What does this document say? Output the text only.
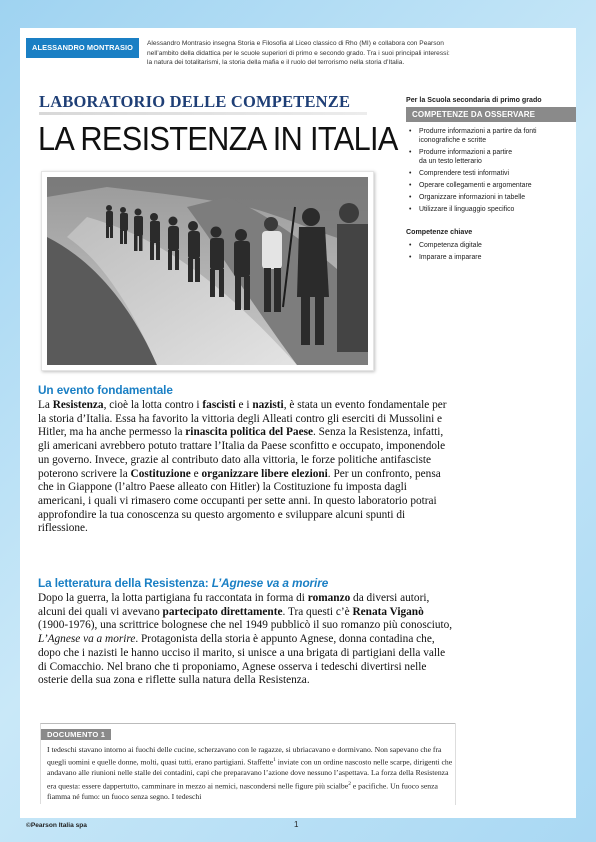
ALESSANDRO MONTRASIO	Alessandro Montrasio insegna Storia e Filosofia al Liceo classico di Rho (MI) e collabora con Pearson
nell’ambito della didattica per le scuole superiori di primo e secondo grado. Tra i suoi principali interessi:
la natura dei totalitarismi, la storia della mafia e il ruolo del terrorismo nella storia d’Italia.
LABORATORIO DELLE COMPETENZE
LA RESISTENZA IN ITALIA
Per la Scuola secondaria di primo grado
COMPETENZE DA OSSERVARE
• Produrre informazioni a partire da fonti
iconografiche e scritte
• Produrre informazioni a partire
da un testo letterario
• Comprendere testi informativi
• Operare collegamenti e argomentare
• Organizzare informazioni in tabelle
• Utilizzare il linguaggio specifico
Competenze chiave
• Competenza digitale
• Imparare a imparare
Un evento fondamentale

La Resistenza, cioè la lotta contro i fascisti e i nazisti, è stata un evento fondamentale per la storia d’Italia. Essa ha favorito la vittoria degli Alleati contro gli eserciti di Mussolini e Hitler, ma ha anche permesso la rinascita politica del Paese. Senza la Resistenza, infatti, gli americani avrebbero potuto trattare l’Italia da Paese sconfitto e occupato, imponendole un governo. Invece, grazie al contributo dato alla vittoria, le forze politiche antifasciste poterono scrivere la Costituzione e organizzare libere elezioni. Per un confronto, pensa che in Giappone (l’altro Paese alleato con Hitler) la Costituzione fu imposta dagli americani, i quali vi rimasero come occupanti per sette anni. In questo laboratorio potrai approfondire la tua conoscenza su questo argomento e sviluppare alcuni spunti di riflessione.

La letteratura della Resistenza: L’Agnese va a morire

Dopo la guerra, la lotta partigiana fu raccontata in forma di romanzo da diversi autori, alcuni dei quali vi avevano partecipato direttamente. Tra questi c’è Renata Viganò (1900-1976), una scrittrice bolognese che nel 1949 pubblicò il suo romanzo più conosciuto, L’Agnese va a morire. Protagonista della storia è appunto Agnese, donna contadina che, dopo che i nazisti le hanno ucciso il marito, si unisce a una brigata di partigiani della valle di Comacchio. Nel brano che ti proponiamo, Agnese osserva i tedeschi divertirsi nelle osterie della sua zona e riflette sulla natura della Resistenza.

DOCUMENTO 1
I tedeschi stavano intorno ai fuochi delle cucine, scherzavano con le ragazze, si ubriacavano e dormivano. Non sapevano che fra quegli uomini e quelle donne, molti, quasi tutti, erano partigiani. Staffette$^1$ inviate con un ordine nascosto nelle scarpe, dirigenti che andavano alle riunioni nelle stalle dei contadini, capi che preparavano l’azione dove nessuno l’aspettava. La forza della Resistenza era questa: essere dappertutto, camminare in mezzo ai nemici, nascondersi nelle figure più scialbe$^2$ e pacifiche. Un fuoco senza fiamma né fumo: un fuoco senza segno. I tedeschi
©Pearson Italia spa	1
